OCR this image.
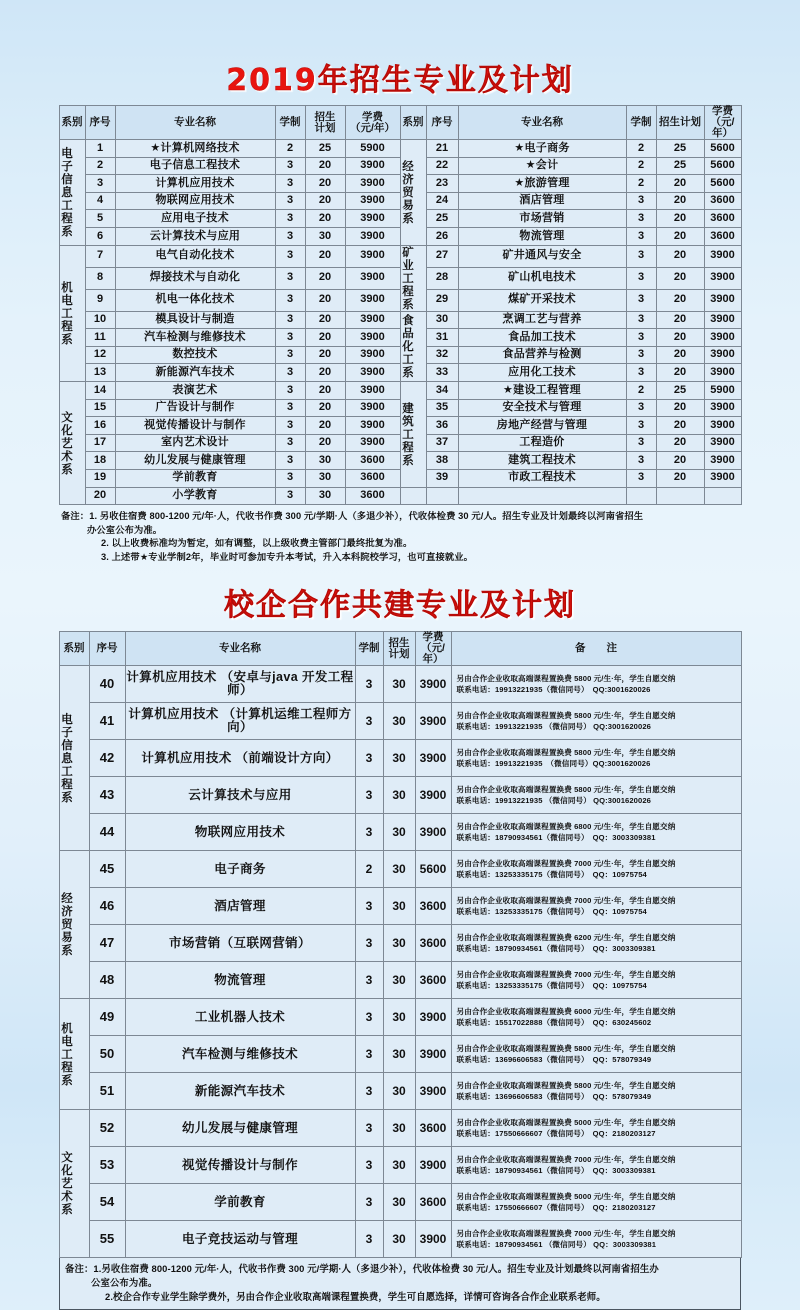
2019年招生专业及计划
系别	序号	专业名称	学制	招生
计划

学费
（元/年）	系别	序号	专业名称	学制	招生计划	
学费
（元/年）

电子信息工程系	1	★计算机网络技术	2	25	5900	经济贸易系	21	★电子商务	2	25	5600
	2	电子信息工程技术	3	20	3900		22	★会计	2	25	5600
	3	计算机应用技术	3	20	3900		23	★旅游管理	2	20	5600
	4	物联网应用技术	3	20	3900		24	酒店管理	3	20	3600
	5	应用电子技术	3	20	3900		25	市场营销	3	20	3600
	6	云计算技术与应用	3	30	3900		26	物流管理	3	20	3600

机电工程系	7	电气自动化技术	3	20	3900	矿业工程系	27	矿井通风与安全	3	20	3900
	8	焊接技术与自动化	3	20	3900		28	矿山机电技术	3	20	3900
	9	机电一体化技术	3	20	3900		29	煤矿开采技术	3	20	3900
	10	模具设计与制造	3	20	3900	食品化工系	30	烹调工艺与营养	3	20	3900
	11	汽车检测与维修技术	3	20	3900		31	食品加工技术	3	20	3900
	12	数控技术	3	20	3900		32	食品营养与检测	3	20	3900
	13	新能源汽车技术	3	20	3900		33	应用化工技术	3	20	3900

文化艺术系	14	表演艺术	3	20	3900	建筑工程系	34	★建设工程管理	2	25	5900
	15	广告设计与制作	3	20	3900		35	安全技术与管理	3	20	3900
	16	视觉传播设计与制作	3	20	3900		36	房地产经营与管理	3	20	3900
	17	室内艺术设计	3	20	3900		37	工程造价	3	20	3900
	18	幼儿发展与健康管理	3	30	3600		38	建筑工程技术	3	20	3900
	19	学前教育	3	30	3600		39	市政工程技术	3	20	3900
	20	小学教育	3	30	3600						
备注：1. 另收住宿费 800-1200 元/年·人，代收书作费 300 元/学期·人（多退少补），代收体检费 30 元/人。招生专业及计划最终以河南省招生
办公室公布为准。
2. 以上收费标准均为暂定，如有调整，以上级收费主管部门最终批复为准。
3. 上述带★专业学制2年，毕业时可参加专升本考试，升入本科院校学习，也可直接就业。
校企合作共建专业及计划
系别	序号	专业名称	学制	招生
计划

学费
（元/年）
	备　　注

电子信息工程系	40	计算机应用技术 （安卓与java 开发工程师）	3	30	3900	另由合作企业收取高端课程置换费 5800 元/生·年，学生自愿交纳
联系电话：19913221935（微信同号）　QQ:3001620026

	41	计算机应用技术 （计算机运维工程师方向）	3	30	3900	另由合作企业收取高端课程置换费 5800 元/生·年，学生自愿交纳
联系电话：19913221935 （微信同号） QQ:3001620026

	42	计算机应用技术 （前端设计方向）	3	30	3900	另由合作企业收取高端课程置换费 5800 元/生·年，学生自愿交纳
联系电话：19913221935　（微信同号）QQ:3001620026

	43	云计算技术与应用	3	30	3900	另由合作企业收取高端课程置换费 5800 元/生·年，学生自愿交纳
联系电话：19913221935 （微信同号） QQ:3001620026

	44	物联网应用技术	3	30	3900	另由合作企业收取高端课程置换费 6800 元/生·年，学生自愿交纳
联系电话：18790934561（微信同号）　QQ：3003309381

经济贸易系	45	电子商务	2	30	5600	另由合作企业收取高端课程置换费 7000 元/生·年，学生自愿交纳
联系电话：13253335175（微信同号）　QQ：10975754

	46	酒店管理	3	30	3600	另由合作企业收取高端课程置换费 7000 元/生·年，学生自愿交纳
联系电话：13253335175（微信同号）　QQ：10975754

	47	市场营销（互联网营销）	3	30	3600	另由合作企业收取高端课程置换费 6200 元/生·年，学生自愿交纳
联系电话：18790934561（微信同号）　QQ：3003309381

	48	物流管理	3	30	3600	另由合作企业收取高端课程置换费 7000 元/生·年，学生自愿交纳
联系电话：13253335175（微信同号）　QQ：10975754

机电工程系	49	工业机器人技术	3	30	3900	另由合作企业收取高端课程置换费 6000 元/生·年，学生自愿交纳
联系电话：15517022888（微信同号）　QQ：630245602

	50	汽车检测与维修技术	3	30	3900	另由合作企业收取高端课程置换费 5800 元/生·年，学生自愿交纳
联系电话：13696606583（微信同号）　QQ：578079349

	51	新能源汽车技术	3	30	3900	另由合作企业收取高端课程置换费 5800 元/生·年，学生自愿交纳
联系电话：13696606583（微信同号）　QQ：578079349

文化艺术系	52	幼儿发展与健康管理	3	30	3600	另由合作企业收取高端课程置换费 5000 元/生·年，学生自愿交纳
联系电话：17550666607（微信同号）　QQ：2180203127

	53	视觉传播设计与制作	3	30	3900	另由合作企业收取高端课程置换费 7000 元/生·年，学生自愿交纳
联系电话：18790934561（微信同号）　QQ：3003309381

	54	学前教育	3	30	3600	另由合作企业收取高端课程置换费 5000 元/生·年，学生自愿交纳
联系电话：17550666607（微信同号）　QQ：2180203127

	55	电子竞技运动与管理	3	30	3900	另由合作企业收取高端课程置换费 7000 元/生·年，学生自愿交纳
联系电话：18790934561 （微信同号） QQ：3003309381
备注：1.另收住宿费 800-1200 元/年·人，代收书作费 300 元/学期·人（多退少补），代收体检费 30 元/人。招生专业及计划最终以河南省招生办
公室公布为准。
2.校企合作专业学生除学费外，另由合作企业收取高端课程置换费，学生可自愿选择，详情可咨询各合作企业联系老师。
